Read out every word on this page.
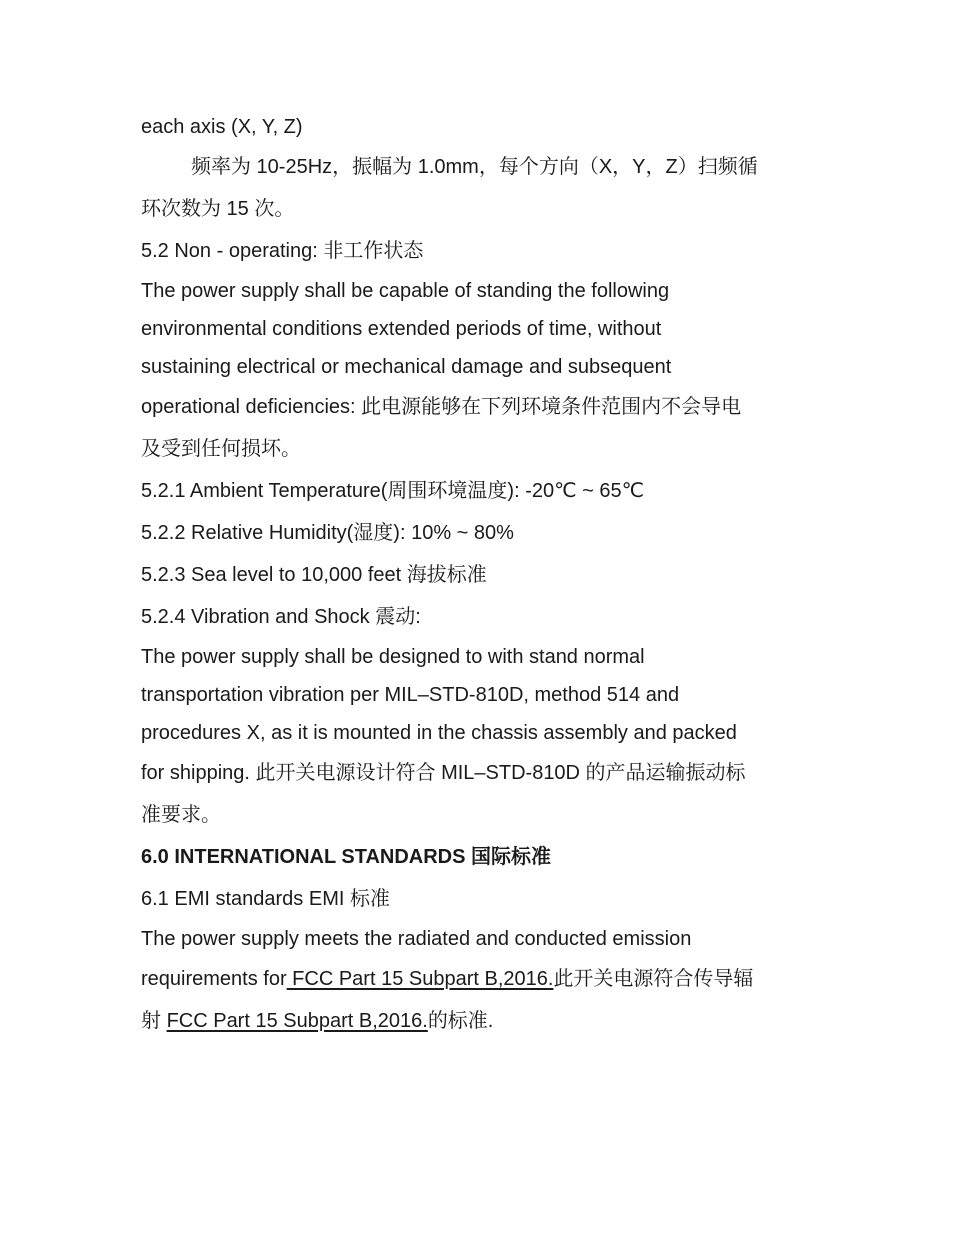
each axis (X, Y, Z)

频率为 10-25Hz，振幅为 1.0mm，每个方向（X，Y，Z）扫频循

环次数为 15 次。

5.2 Non - operating: 非工作状态

The power supply shall be capable of standing the following

environmental conditions extended periods of time, without

sustaining electrical or mechanical damage and subsequent

operational deficiencies: 此电源能够在下列环境条件范围内不会导电

及受到任何损坏。

5.2.1 Ambient Temperature(周围环境温度): -20℃ ~ 65℃

5.2.2 Relative Humidity(湿度): 10% ~ 80%

5.2.3 Sea level to 10,000 feet 海拔标准

5.2.4 Vibration and Shock 震动:

The power supply shall be designed to with stand normal

transportation vibration per MIL–STD-810D, method 514 and

procedures X, as it is mounted in the chassis assembly and packed

for shipping. 此开关电源设计符合 MIL–STD-810D 的产品运输振动标

准要求。

6.0 INTERNATIONAL STANDARDS 国际标准

6.1 EMI standards EMI 标准

The power supply meets the radiated and conducted emission

requirements for FCC Part 15 Subpart B,2016.此开关电源符合传导辐

射 FCC Part 15 Subpart B,2016.的标准.
